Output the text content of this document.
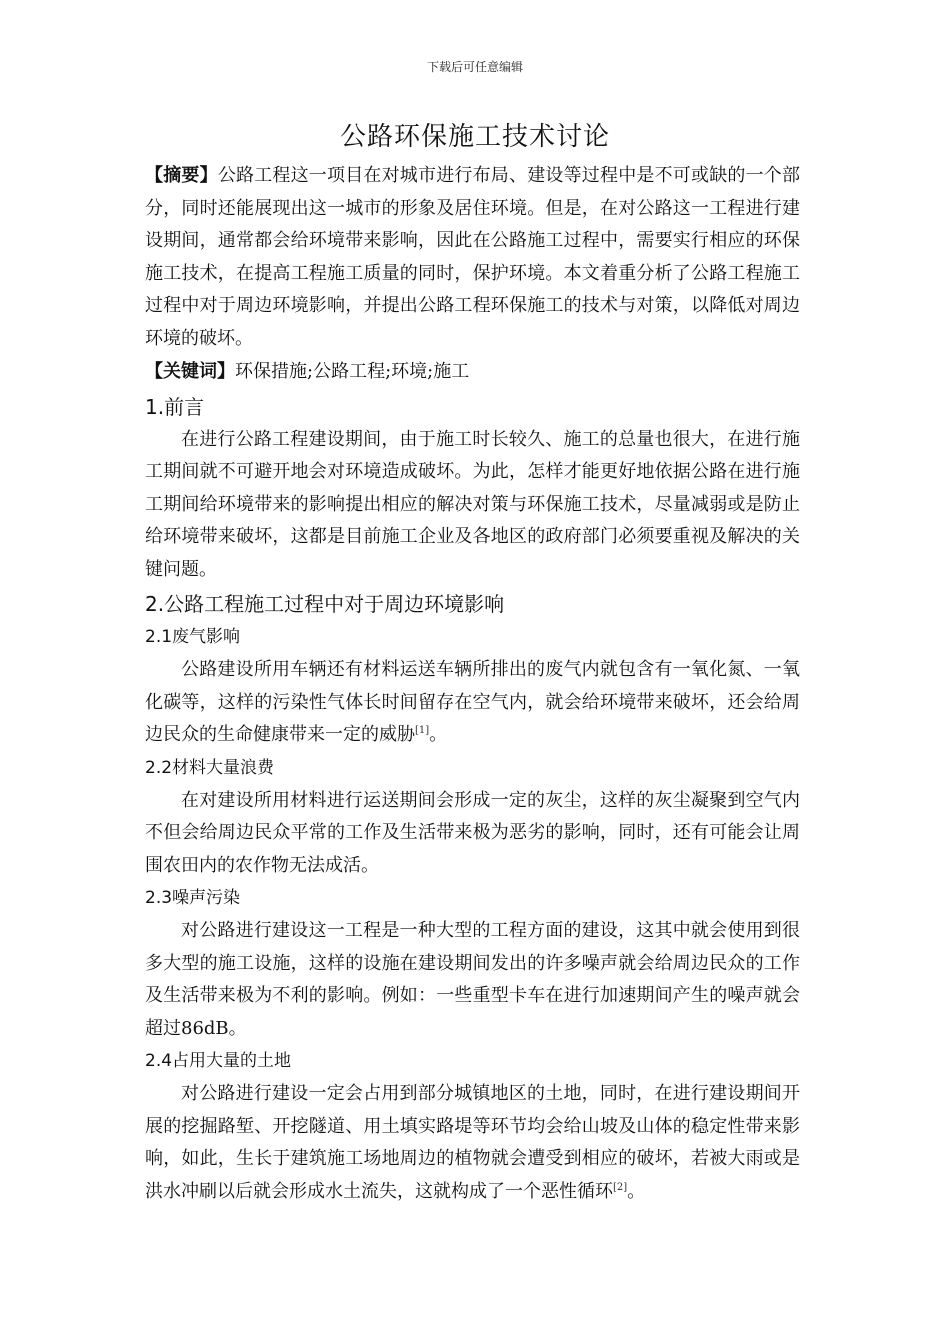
下载后可任意编辑
公路环保施工技术讨论

【摘要】公路工程这一项目在对城市进行布局、建设等过程中是不可或缺的一个部分，同时还能展现出这一城市的形象及居住环境。但是，在对公路这一工程进行建设期间，通常都会给环境带来影响，因此在公路施工过程中，需要实行相应的环保施工技术，在提高工程施工质量的同时，保护环境。本文着重分析了公路工程施工过程中对于周边环境影响，并提出公路工程环保施工的技术与对策，以降低对周边环境的破坏。

【关键词】环保措施;公路工程;环境;施工

1.前言

在进行公路工程建设期间，由于施工时长较久、施工的总量也很大，在进行施工期间就不可避开地会对环境造成破坏。为此，怎样才能更好地依据公路在进行施工期间给环境带来的影响提出相应的解决对策与环保施工技术，尽量减弱或是防止给环境带来破坏，这都是目前施工企业及各地区的政府部门必须要重视及解决的关键问题。

2.公路工程施工过程中对于周边环境影响

2.1废气影响

公路建设所用车辆还有材料运送车辆所排出的废气内就包含有一氧化氮、一氧化碳等，这样的污染性气体长时间留存在空气内，就会给环境带来破坏，还会给周边民众的生命健康带来一定的威胁[1]。

2.2材料大量浪费

在对建设所用材料进行运送期间会形成一定的灰尘，这样的灰尘凝聚到空气内不但会给周边民众平常的工作及生活带来极为恶劣的影响，同时，还有可能会让周围农田内的农作物无法成活。

2.3噪声污染

对公路进行建设这一工程是一种大型的工程方面的建设，这其中就会使用到很多大型的施工设施，这样的设施在建设期间发出的许多噪声就会给周边民众的工作及生活带来极为不利的影响。例如：一些重型卡车在进行加速期间产生的噪声就会超过86dB。

2.4占用大量的土地

对公路进行建设一定会占用到部分城镇地区的土地，同时，在进行建设期间开展的挖掘路堑、开挖隧道、用土填实路堤等环节均会给山坡及山体的稳定性带来影响，如此，生长于建筑施工场地周边的植物就会遭受到相应的破坏，若被大雨或是洪水冲刷以后就会形成水土流失，这就构成了一个恶性循环[2]。
